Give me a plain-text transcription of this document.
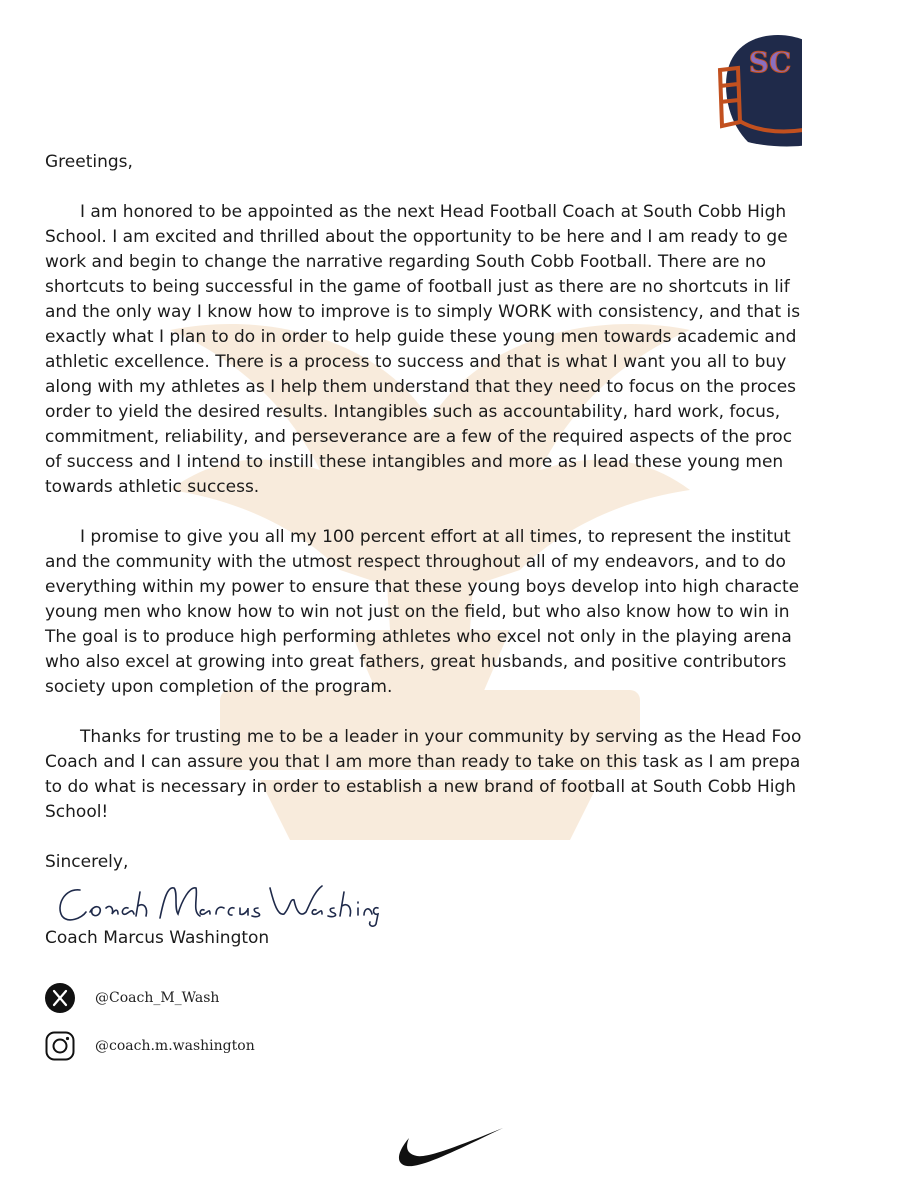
SC

Greetings,

I am honored to be appointed as the next Head Football Coach at South Cobb High
School. I am excited and thrilled about the opportunity to be here and I am ready to ge
work and begin to change the narrative regarding South Cobb Football. There are no
shortcuts to being successful in the game of football just as there are no shortcuts in lif
and the only way I know how to improve is to simply WORK with consistency, and that is
exactly what I plan to do in order to help guide these young men towards academic and
athletic excellence. There is a process to success and that is what I want you all to buy
along with my athletes as I help them understand that they need to focus on the proces
order to yield the desired results. Intangibles such as accountability, hard work, focus,
commitment, reliability, and perseverance are a few of the required aspects of the proc
of success and I intend to instill these intangibles and more as I lead these young men
towards athletic success.

I promise to give you all my 100 percent effort at all times, to represent the institut
and the community with the utmost respect throughout all of my endeavors, and to do
everything within my power to ensure that these young boys develop into high characte
young men who know how to win not just on the field, but who also know how to win in
The goal is to produce high performing athletes who excel not only in the playing arena
who also excel at growing into great fathers, great husbands, and positive contributors
society upon completion of the program.

Thanks for trusting me to be a leader in your community by serving as the Head Foo
Coach and I can assure you that I am more than ready to take on this task as I am prepa
to do what is necessary in order to establish a new brand of football at South Cobb High
School!

Sincerely,
Coach Marcus Washington
@Coach_M_Wash
@coach.m.washington
